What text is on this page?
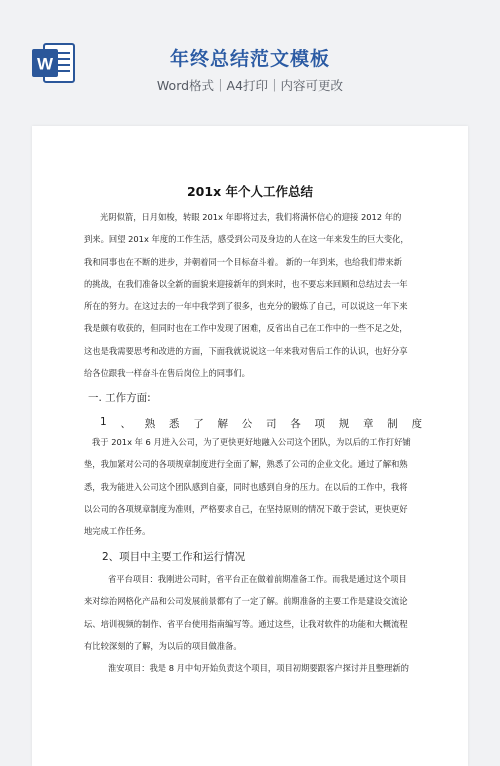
W	年终总结范文模板
Word格式｜A4打印｜内容可更改
201x 年个人工作总结
光阴似箭，日月如梭，转眼 201x 年即将过去，我们将满怀信心的迎接 2012 年的
到来。回望 201x 年度的工作生活，感受到公司及身边的人在这一年来发生的巨大变化，
我和同事也在不断的进步，并朝着同一个目标奋斗着。 新的一年到来，也给我们带来新
的挑战，在我们准备以全新的面貌来迎接新年的到来时，也不要忘来回顾和总结过去一年
所在的努力。在这过去的一年中我学到了很多，也充分的锻炼了自己，可以说这一年下来
我是颇有收获的，但同时也在工作中发现了困难，反省出自己在工作中的一些不足之处，
这也是我需要思考和改进的方面，下面我就说说这一年来我对售后工作的认识，也好分享
给各位跟我一样奋斗在售后岗位上的同事们。
一. 工作方面:
1 、 熟 悉 了 解 公 司 各 项 规 章 制 度
我于 201x 年 6 月进入公司，为了更快更好地融入公司这个团队，为以后的工作打好铺
垫，我加紧对公司的各项规章制度进行全面了解，熟悉了公司的企业文化。通过了解和熟
悉，我为能进入公司这个团队感到自豪，同时也感到自身的压力。在以后的工作中，我将
以公司的各项规章制度为准则，严格要求自己，在坚持原则的情况下敢于尝试，更快更好
地完成工作任务。
2、项目中主要工作和运行情况
省平台项目：我刚进公司时，省平台正在做着前期准备工作。而我是通过这个项目
来对综治网格化产品和公司发展前景都有了一定了解。前期准备的主要工作是建设交流论
坛、培训视频的制作、省平台使用指南编写等。通过这些，让我对软件的功能和大概流程
有比较深刻的了解，为以后的项目做准备。
淮安项目：我是 8 月中旬开始负责这个项目，项目初期要跟客户探讨并且整理新的
